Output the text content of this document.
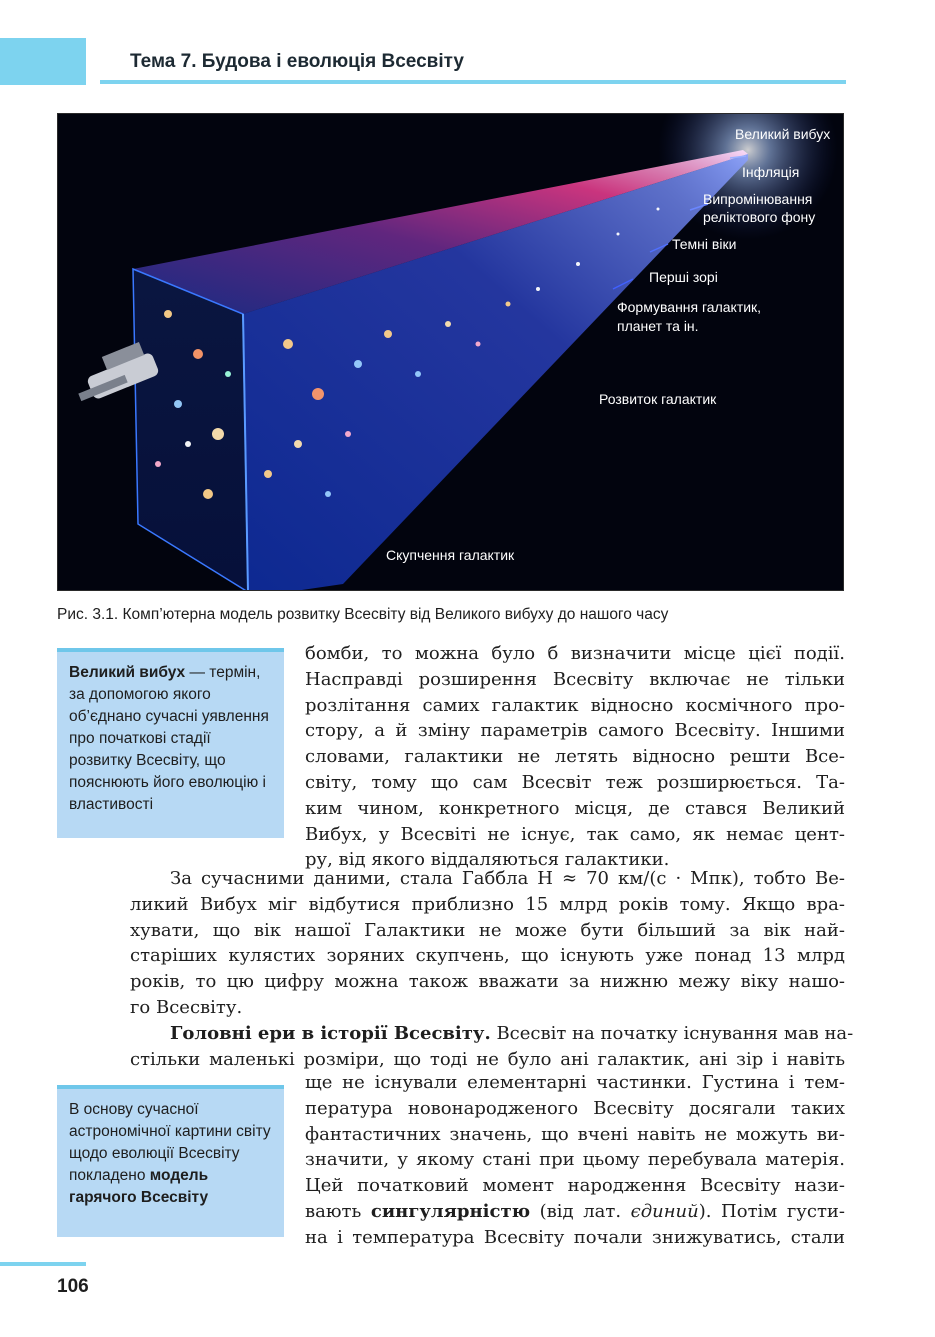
Тема 7. Будова і еволюція Всесвіту
Великий вибух
Інфляція
Випромінювання
реліктового фону
Темні віки
Перші зорі
Формування галактик,
планет та ін.
Розвиток галактик
Скупчення галактик
Рис. 3.1. Комп’ютерна модель розвитку Всесвіту від Великого вибуху до нашого часу
Великий вибух — термін, за допомогою якого об’єднано сучасні уявлення про початкові стадії розвитку Всесвіту, що пояснюють його еволюцію і властивості
В основу сучасної астрономічної картини світу щодо еволюції Всесвіту покладено модель гарячого Всесвіту
бомби, то можна було б визначити місце цієї події.
Насправді розширення Всесвіту включає не тільки
розлітання самих галактик відносно космічного про-
стору, а й зміну параметрів самого Всесвіту. Іншими
словами, галактики не летять відносно решти Все-
світу, тому що сам Всесвіт теж розширюється. Та-
ким чином, конкретного місця, де стався Великий
Вибух, у Всесвіті не існує, так само, як немає цент-
ру, від якого віддаляються галактики.
За сучасними даними, стала Габбла H ≈ 70 км/(с · Мпк), тобто Ве-
ликий Вибух міг відбутися приблизно 15 млрд років тому. Якщо вра-
хувати, що вік нашої Галактики не може бути більший за вік най-
старіших кулястих зоряних скупчень, що існують уже понад 13 млрд
років, то цю цифру можна також вважати за нижню межу віку нашо-
го Всесвіту.
Головні ери в історії Всесвіту. Всесвіт на початку існування мав на-
стільки маленькі розміри, що тоді не було ані галактик, ані зір і навіть
ще не існували елементарні частинки. Густина і тем-
пература новонародженого Всесвіту досягали таких
фантастичних значень, що вчені навіть не можуть ви-
значити, у якому стані при цьому перебувала матерія.
Цей початковий момент народження Всесвіту нази-
вають сингулярністю (від лат. єдиний). Потім густи-
на і температура Всесвіту почали знижуватись, стали
106
